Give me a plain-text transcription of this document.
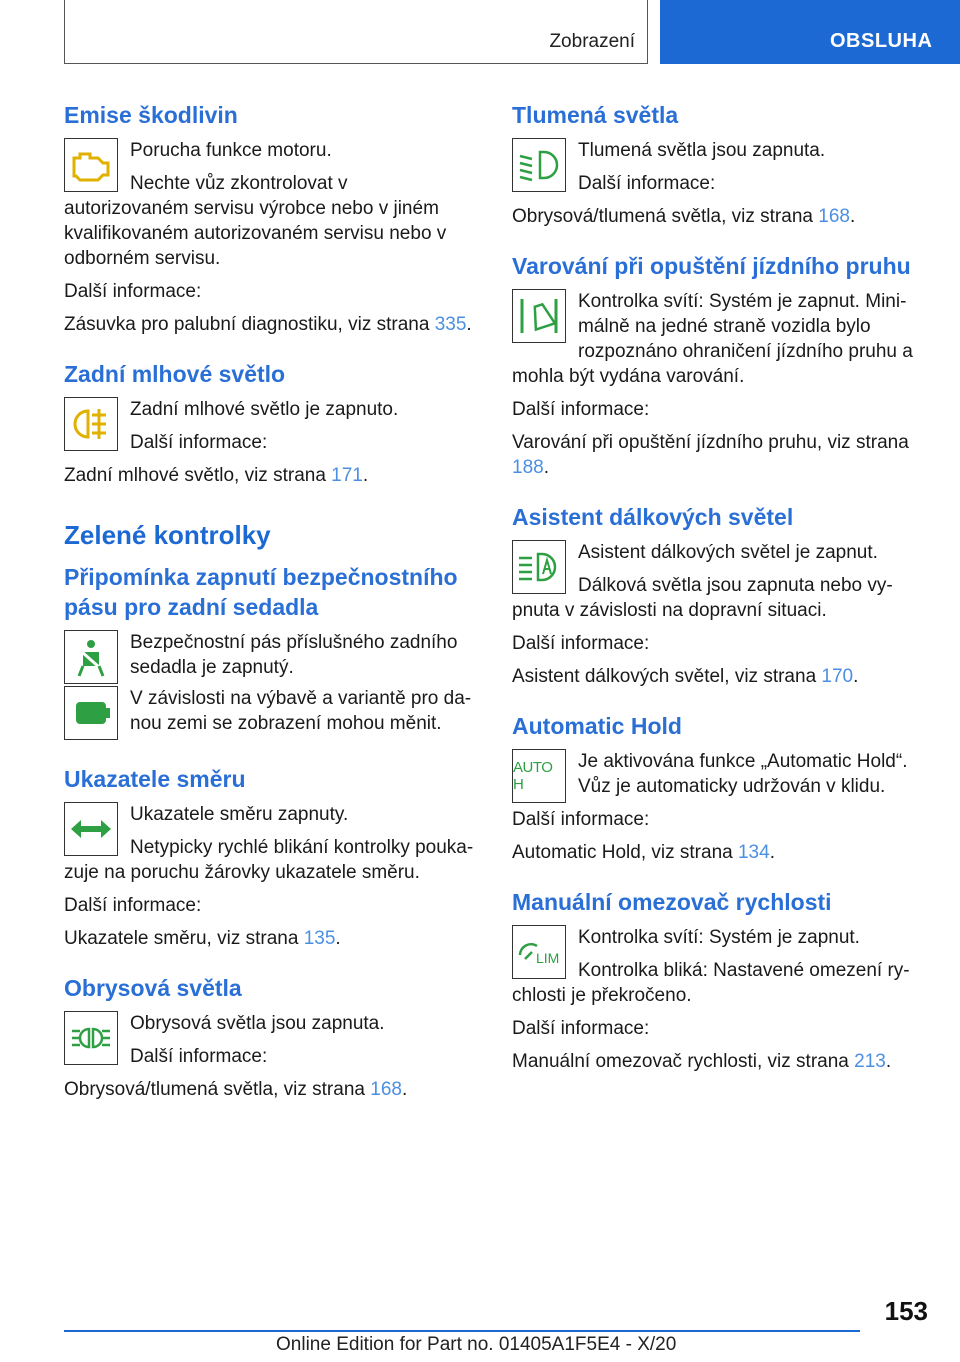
Zobrazení	OBSLUHA
Emise škodlivin

Porucha funkce motoru.

Nechte vůz zkontrolovat v autorizovaném servisu výrobce nebo v jiném kvalifikovaném autorizovaném servisu nebo v odborném servisu.

Další informace:

Zásuvka pro palubní diagnostiku, viz strana 335.

Zadní mlhové světlo

Zadní mlhové světlo je zapnuto.

Další informace:

Zadní mlhové světlo, viz strana 171.

Zelené kontrolky
Připomínka zapnutí bezpečnostního pásu pro zadní sedadla

Bezpečnostní pás příslušného zadního sedadla je zapnutý.

V závislosti na výbavě a variantě pro danou zemi se zobrazení mohou měnit.

Ukazatele směru

Ukazatele směru zapnuty.

Netypicky rychlé blikání kontrolky poukazuje na poruchu žárovky ukazatele směru.

Další informace:

Ukazatele směru, viz strana 135.

Obrysová světla

Obrysová světla jsou zapnuta.

Další informace:

Obrysová/tlumená světla, viz strana 168.

Tlumená světla

Tlumená světla jsou zapnuta.

Další informace:

Obrysová/tlumená světla, viz strana 168.

Varování při opuštění jízdního pruhu

Kontrolka svítí: Systém je zapnut. Minimálně na jedné straně vozidla bylo rozpoznáno ohraničení jízdního pruhu a mohla být vydána varování.

Další informace:

Varování při opuštění jízdního pruhu, viz strana 188.

Asistent dálkových světel

Asistent dálkových světel je zapnut.

Dálková světla jsou zapnuta nebo vypnuta v závislosti na dopravní situaci.

Další informace:

Asistent dálkových světel, viz strana 170.

Automatic Hold
AUTO H

Je aktivována funkce „Automatic Hold“. Vůz je automaticky udržován v klidu.

Další informace:

Automatic Hold, viz strana 134.

Manuální omezovač rychlosti
LIM

Kontrolka svítí: Systém je zapnut.

Kontrolka bliká: Nastavené omezení rychlosti je překročeno.

Další informace:

Manuální omezovač rychlosti, viz strana 213.

153
Online Edition for Part no. 01405A1F5E4 - X/20
